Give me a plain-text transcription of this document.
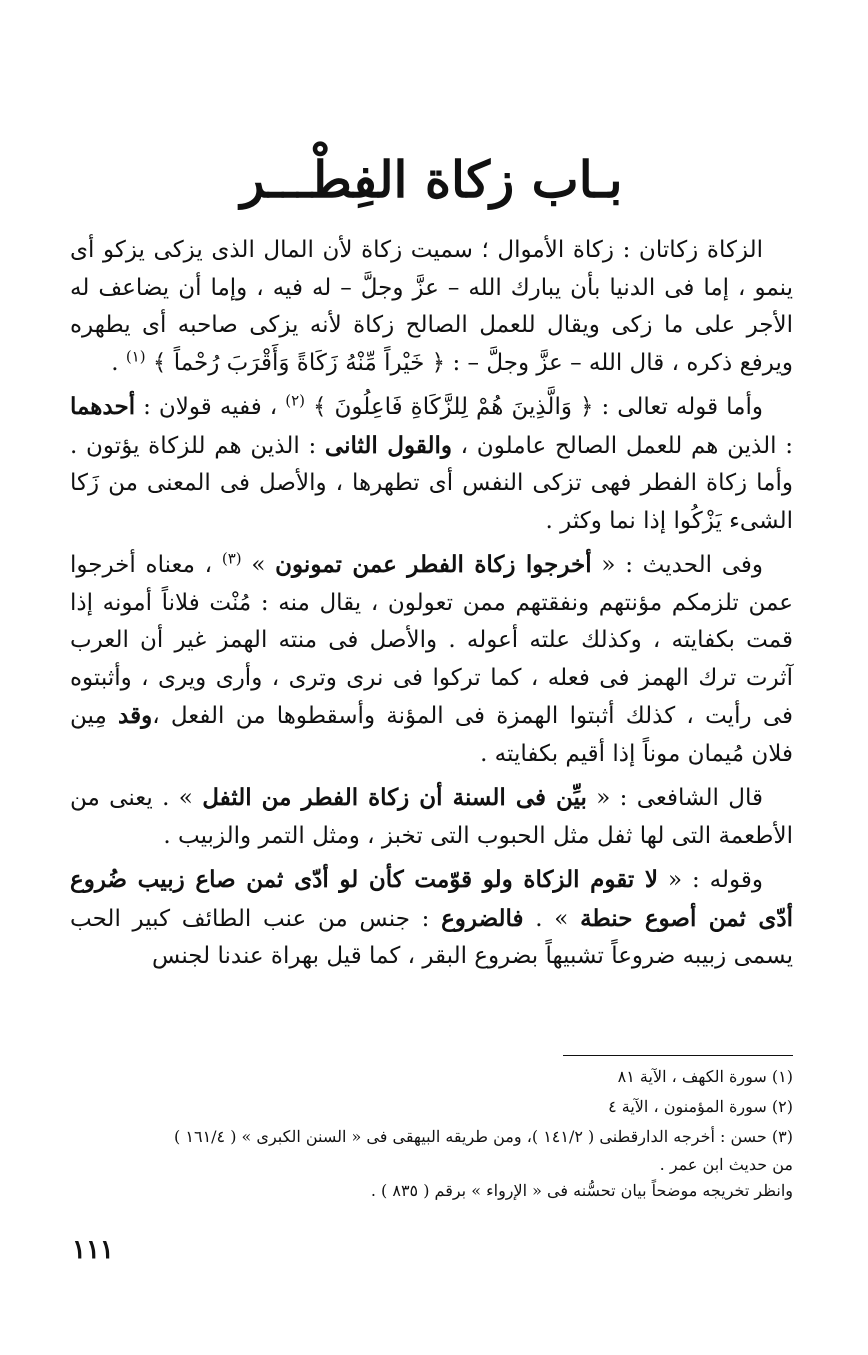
بـاب زكاة الفِطْـــر

الزكاة زكاتان : زكاة الأموال ؛ سميت زكاة لأن المال الذى يزكى يزكو أى ينمو ، إما فى الدنيا بأن يبارك الله – عزَّ وجلَّ – له فيه ، وإما أن يضاعف له الأجر على ما زكى ويقال للعمل الصالح زكاة لأنه يزكى صاحبه أى يطهره ويرفع ذكره ، قال الله – عزَّ وجلَّ – : ﴿ خَيْراً مِّنْهُ زَكَاةً وَأَقْرَبَ رُحْماً ﴾ $^{(١)}$ .

وأما قوله تعالى : ﴿ وَالَّذِينَ هُمْ لِلزَّكَاةِ فَاعِلُونَ ﴾ $^{(٢)}$ ، ففيه قولان : أحدهما : الذين هم للعمل الصالح عاملون ، والقول الثانى : الذين هم للزكاة يؤتون . وأما زكاة الفطر فهى تزكى النفس أى تطهرها ، والأصل فى المعنى من زَكا الشىء يَزْكُوا إذا نما وكثر .

وفى الحديث : « أخرجوا زكاة الفطر عمن تمونون » $^{(٣)}$ ، معناه أخرجوا عمن تلزمكم مؤنتهم ونفقتهم ممن تعولون ، يقال منه : مُنْت فلاناً أمونه إذا قمت بكفايته ، وكذلك علته أعوله . والأصل فى منته الهمز غير أن العرب آثرت ترك الهمز فى فعله ، كما تركوا فى نرى وترى ، وأرى ويرى ، وأثبتوه فى رأيت ، كذلك أثبتوا الهمزة فى المؤنة وأسقطوها من الفعل ،وقد مِين فلان مُيمان موناً إذا أقيم بكفايته .

قال الشافعى : « بيِّن فى السنة أن زكاة الفطر من الثفل » . يعنى من الأطعمة التى لها ثفل مثل الحبوب التى تخبز ، ومثل التمر والزبيب .

وقوله : « لا تقوم الزكاة ولو قوّمت كأن لو أدّى ثمن صاع زبيب ضُروع أدّى ثمن أصوع حنطة » . فالضروع : جنس من عنب الطائف كبير الحب يسمى زبيبه ضروعاً تشبيهاً بضروع البقر ، كما قيل بهراة عندنا لجنس

(١) سورة الكهف ، الآية ٨١

(٢) سورة المؤمنون ، الآية ٤

(٣) حسن : أخرجه الدارقطنى ( ١٤١/٢ )، ومن طريقه البيهقى فى « السنن الكبرى » ( ١٦١/٤ )

من حديث ابن عمر .

وانظر تخريجه موضحاً بيان تحسُّنه فى « الإرواء » برقم ( ٨٣٥ ) .

١١١
